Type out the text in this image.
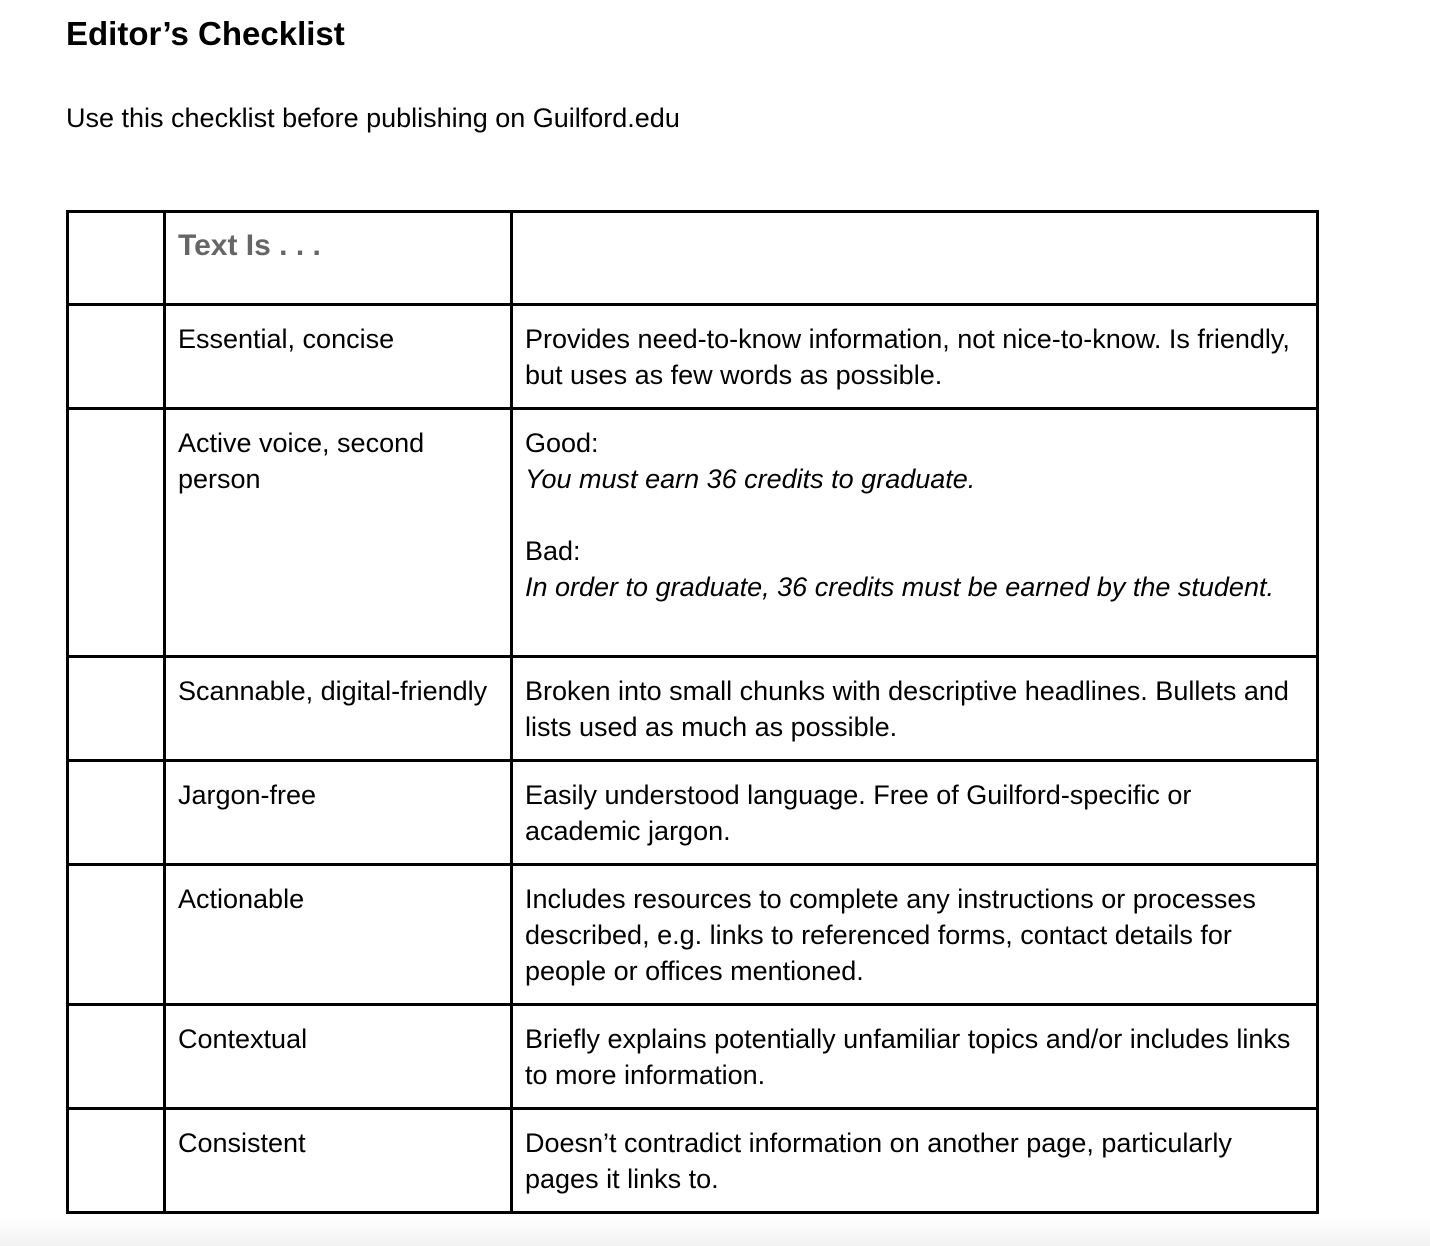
Editor’s Checklist

Use this checklist before publishing on Guilford.edu

	Text Is . . .	
	Essential, concise	Provides need-to-know information, not nice-to-know. Is friendly, but uses as few words as possible.
	Active voice, second person	Good:
You must earn 36 credits to graduate.
Bad:
In order to graduate, 36 credits must be earned by the student.

	Scannable, digital-friendly	Broken into small chunks with descriptive headlines. Bullets and lists used as much as possible.
	Jargon-free	Easily understood language. Free of Guilford-specific or academic jargon.
	Actionable	Includes resources to complete any instructions or processes described, e.g. links to referenced forms, contact details for people or offices mentioned.
	Contextual	Briefly explains potentially unfamiliar topics and/or includes links to more information.
	Consistent	Doesn’t contradict information on another page, particularly pages it links to.
